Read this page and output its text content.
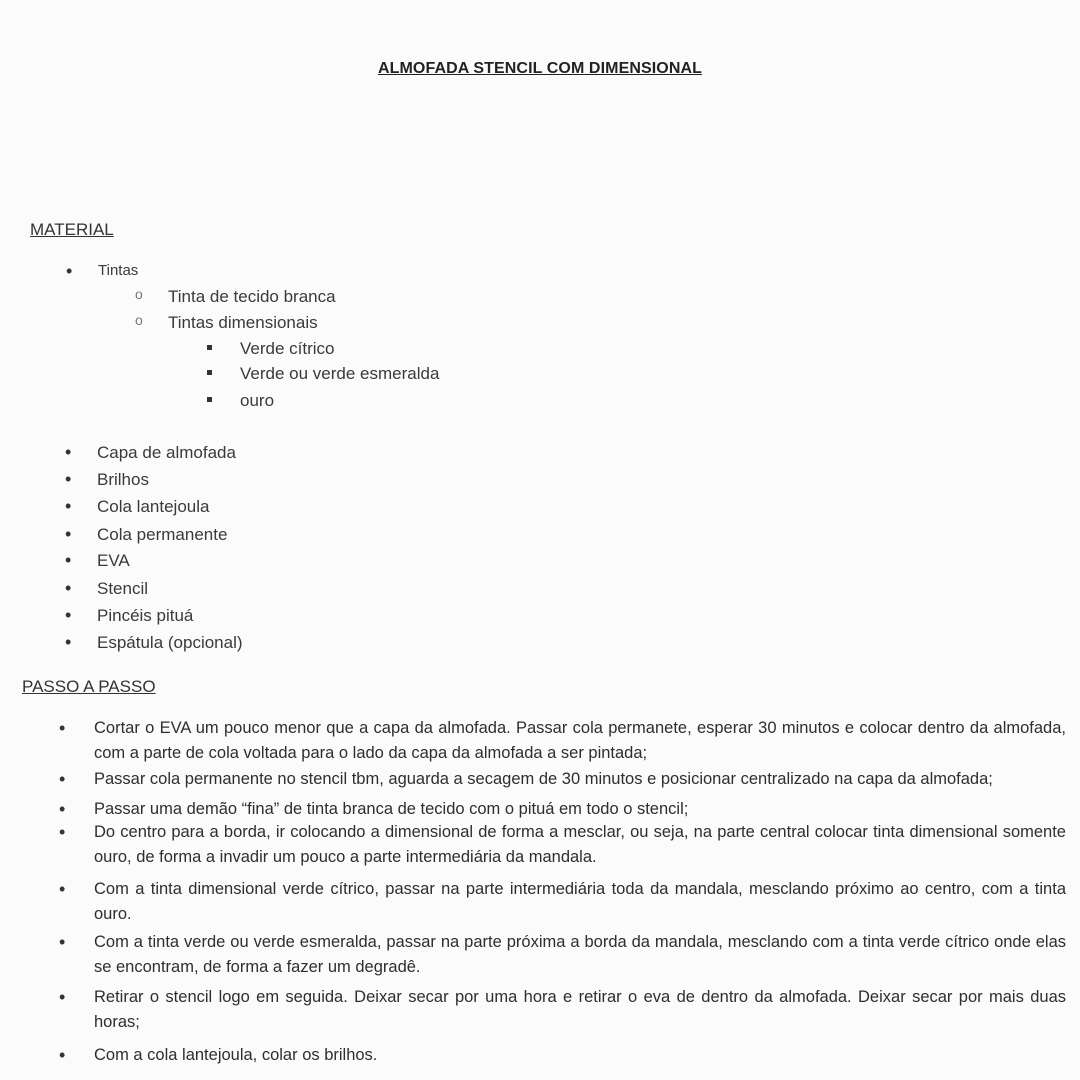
ALMOFADA STENCIL COM DIMENSIONAL
MATERIAL
• Tintas
o Tinta de tecido branca
o Tintas dimensionais
Verde cítrico
Verde ou verde esmeralda
ouro
• Capa de almofada
• Brilhos
• Cola lantejoula
• Cola permanente
• EVA
• Stencil
• Pincéis pituá
• Espátula (opcional)
PASSO A PASSO
• Cortar o EVA um pouco menor que a capa da almofada. Passar cola permanete, esperar 30 minutos e colocar dentro da almofada, com a parte de cola voltada para o lado da capa da almofada a ser pintada;
• Passar cola permanente no stencil tbm, aguarda a secagem de 30 minutos e posicionar centralizado na capa da almofada;
• Passar uma demão “fina” de tinta branca de tecido com o pituá em todo o stencil;
• Do centro para a borda, ir colocando a dimensional de forma a mesclar, ou seja, na parte central colocar tinta dimensional somente ouro, de forma a invadir um pouco a parte intermediária da mandala.
• Com a tinta dimensional verde cítrico, passar na parte intermediária toda da mandala, mesclando próximo ao centro, com a tinta ouro.
• Com a tinta verde ou verde esmeralda, passar na parte próxima a borda da mandala, mesclando com a tinta verde cítrico onde elas se encontram, de forma a fazer um degradê.
• Retirar o stencil logo em seguida. Deixar secar por uma hora e retirar o eva de dentro da almofada. Deixar secar por mais duas horas;
• Com a cola lantejoula, colar os brilhos.
